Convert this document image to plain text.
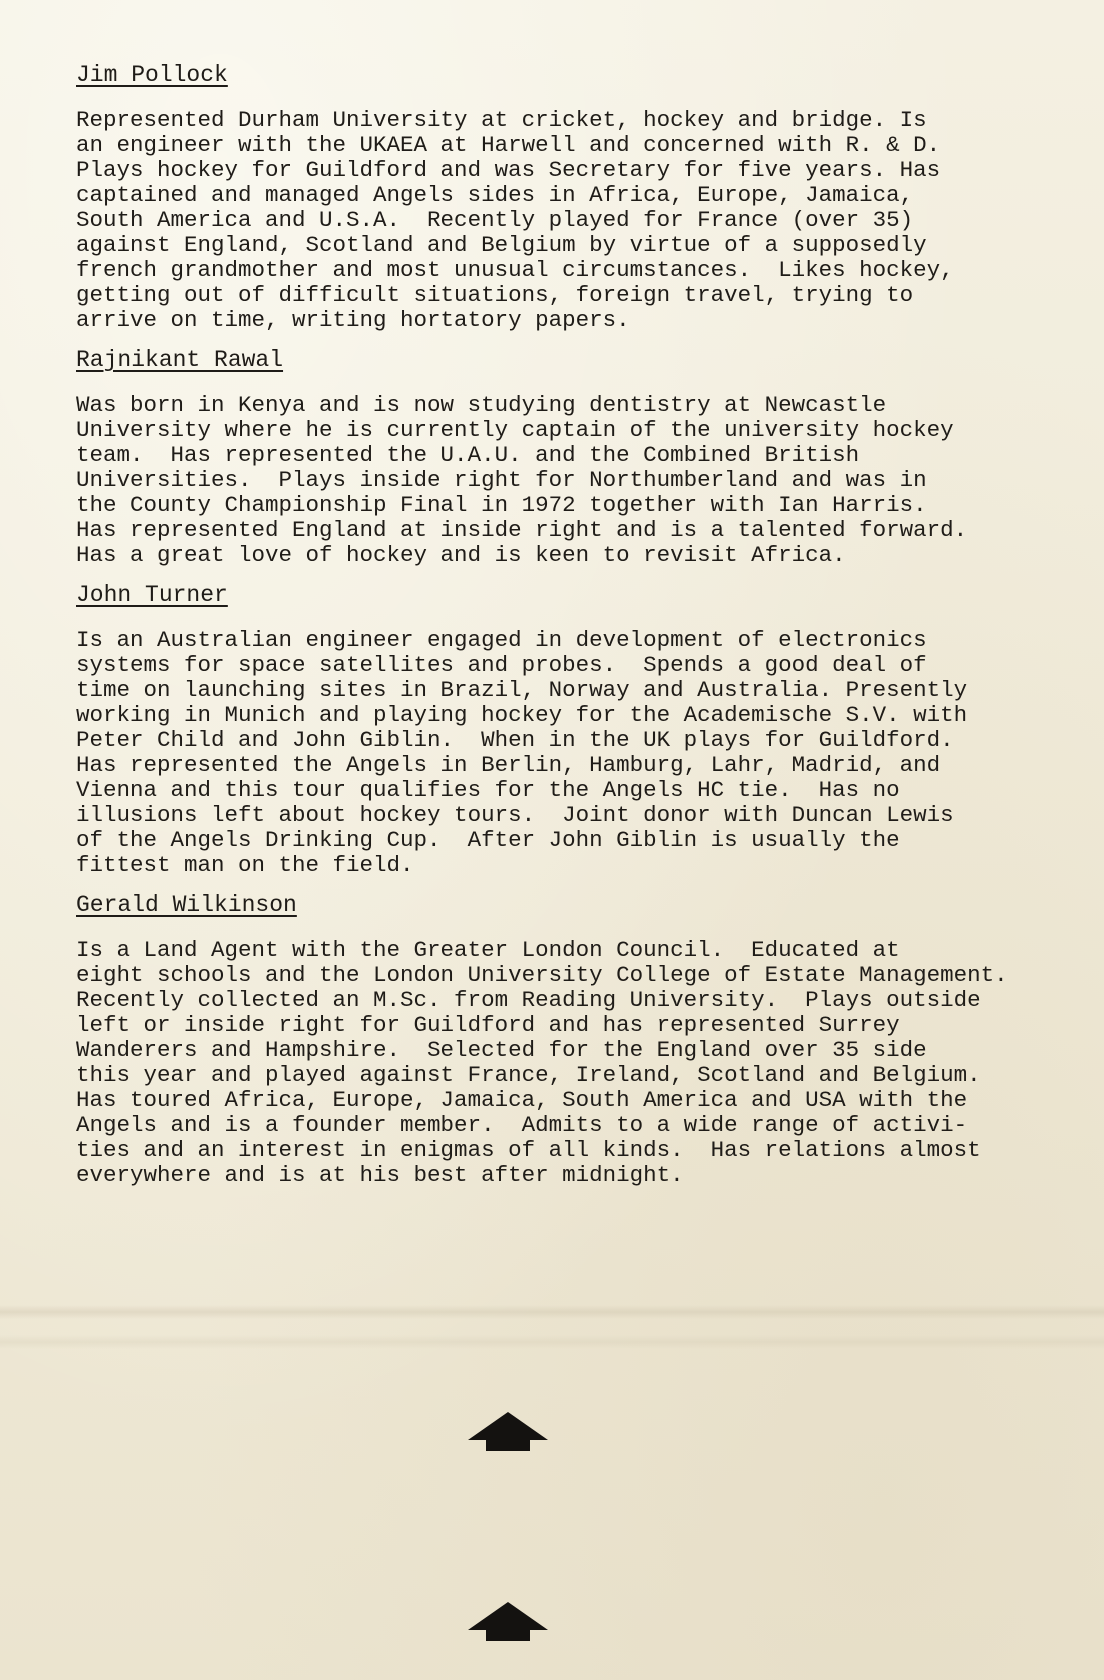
Jim Pollock
Represented Durham University at cricket, hockey and bridge. Is
an engineer with the UKAEA at Harwell and concerned with R. & D.
Plays hockey for Guildford and was Secretary for five years. Has
captained and managed Angels sides in Africa, Europe, Jamaica,
South America and U.S.A.  Recently played for France (over 35)
against England, Scotland and Belgium by virtue of a supposedly
french grandmother and most unusual circumstances.  Likes hockey,
getting out of difficult situations, foreign travel, trying to
arrive on time, writing hortatory papers.
Rajnikant Rawal
Was born in Kenya and is now studying dentistry at Newcastle
University where he is currently captain of the university hockey
team.  Has represented the U.A.U. and the Combined British
Universities.  Plays inside right for Northumberland and was in
the County Championship Final in 1972 together with Ian Harris.
Has represented England at inside right and is a talented forward.
Has a great love of hockey and is keen to revisit Africa.
John Turner
Is an Australian engineer engaged in development of electronics
systems for space satellites and probes.  Spends a good deal of
time on launching sites in Brazil, Norway and Australia. Presently
working in Munich and playing hockey for the Academische S.V. with
Peter Child and John Giblin.  When in the UK plays for Guildford.
Has represented the Angels in Berlin, Hamburg, Lahr, Madrid, and
Vienna and this tour qualifies for the Angels HC tie.  Has no
illusions left about hockey tours.  Joint donor with Duncan Lewis
of the Angels Drinking Cup.  After John Giblin is usually the
fittest man on the field.
Gerald Wilkinson
Is a Land Agent with the Greater London Council.  Educated at
eight schools and the London University College of Estate Management.
Recently collected an M.Sc. from Reading University.  Plays outside
left or inside right for Guildford and has represented Surrey
Wanderers and Hampshire.  Selected for the England over 35 side
this year and played against France, Ireland, Scotland and Belgium.
Has toured Africa, Europe, Jamaica, South America and USA with the
Angels and is a founder member.  Admits to a wide range of activi-
ties and an interest in enigmas of all kinds.  Has relations almost
everywhere and is at his best after midnight.
